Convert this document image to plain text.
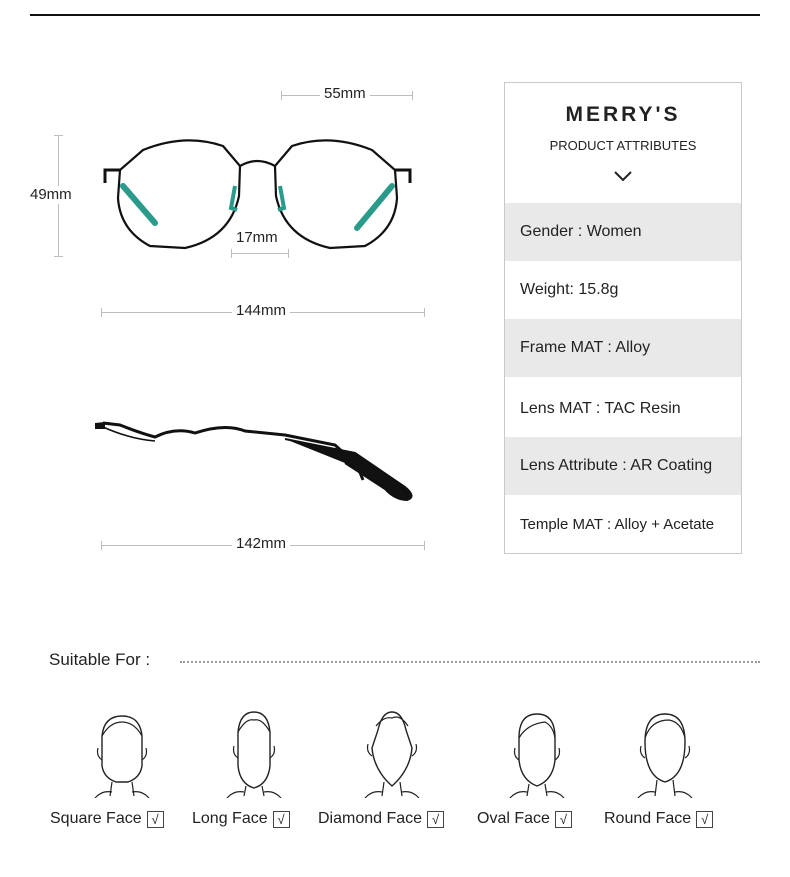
55mm
49mm
17mm
144mm
142mm
MERRY'S
PRODUCT ATTRIBUTES
Gender : Women
Weight: 15.8g
Frame MAT : Alloy
Lens MAT : TAC Resin
Lens Attribute : AR Coating
Temple MAT : Alloy + Acetate
Suitable For :
Square Face √	Long Face √	Diamond Face √	Oval Face √	Round Face √
